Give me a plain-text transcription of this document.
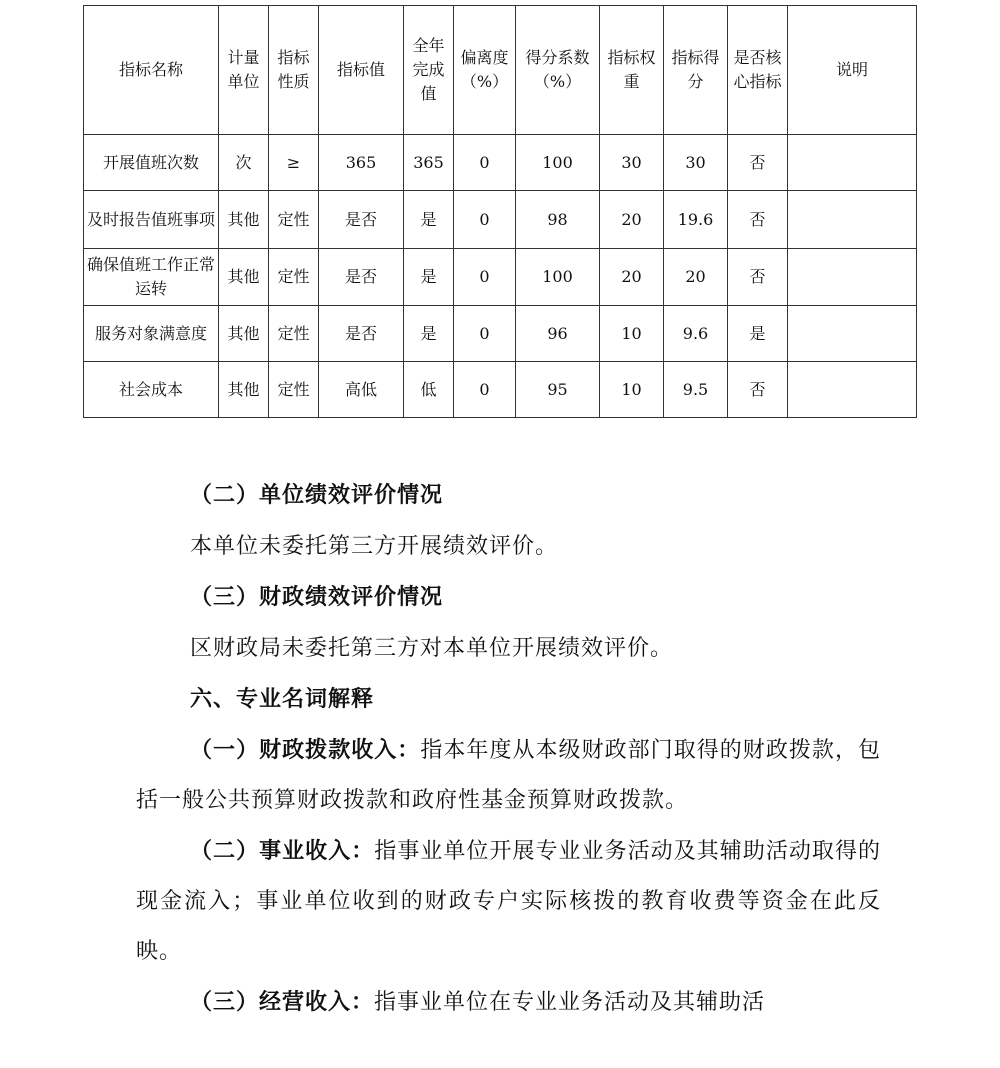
指标名称	计量单位	指标性质	指标值	全年完成值	偏离度（%）	得分系数（%）	指标权重	指标得分	是否核心指标	说明
开展值班次数	次	≥	365	365	0	100	30	30	否	
及时报告值班事项	其他	定性	是否	是	0	98	20	19.6	否	
确保值班工作正常运转	其他	定性	是否	是	0	100	20	20	否	
服务对象满意度	其他	定性	是否	是	0	96	10	9.6	是	
社会成本	其他	定性	高低	低	0	95	10	9.5	否	

（二）单位绩效评价情况

本单位未委托第三方开展绩效评价。

（三）财政绩效评价情况

区财政局未委托第三方对本单位开展绩效评价。

六、专业名词解释

（一）财政拨款收入：指本年度从本级财政部门取得的财政拨款，包括一般公共预算财政拨款和政府性基金预算财政拨款。

（二）事业收入：指事业单位开展专业业务活动及其辅助活动取得的现金流入；事业单位收到的财政专户实际核拨的教育收费等资金在此反映。

（三）经营收入：指事业单位在专业业务活动及其辅助活
